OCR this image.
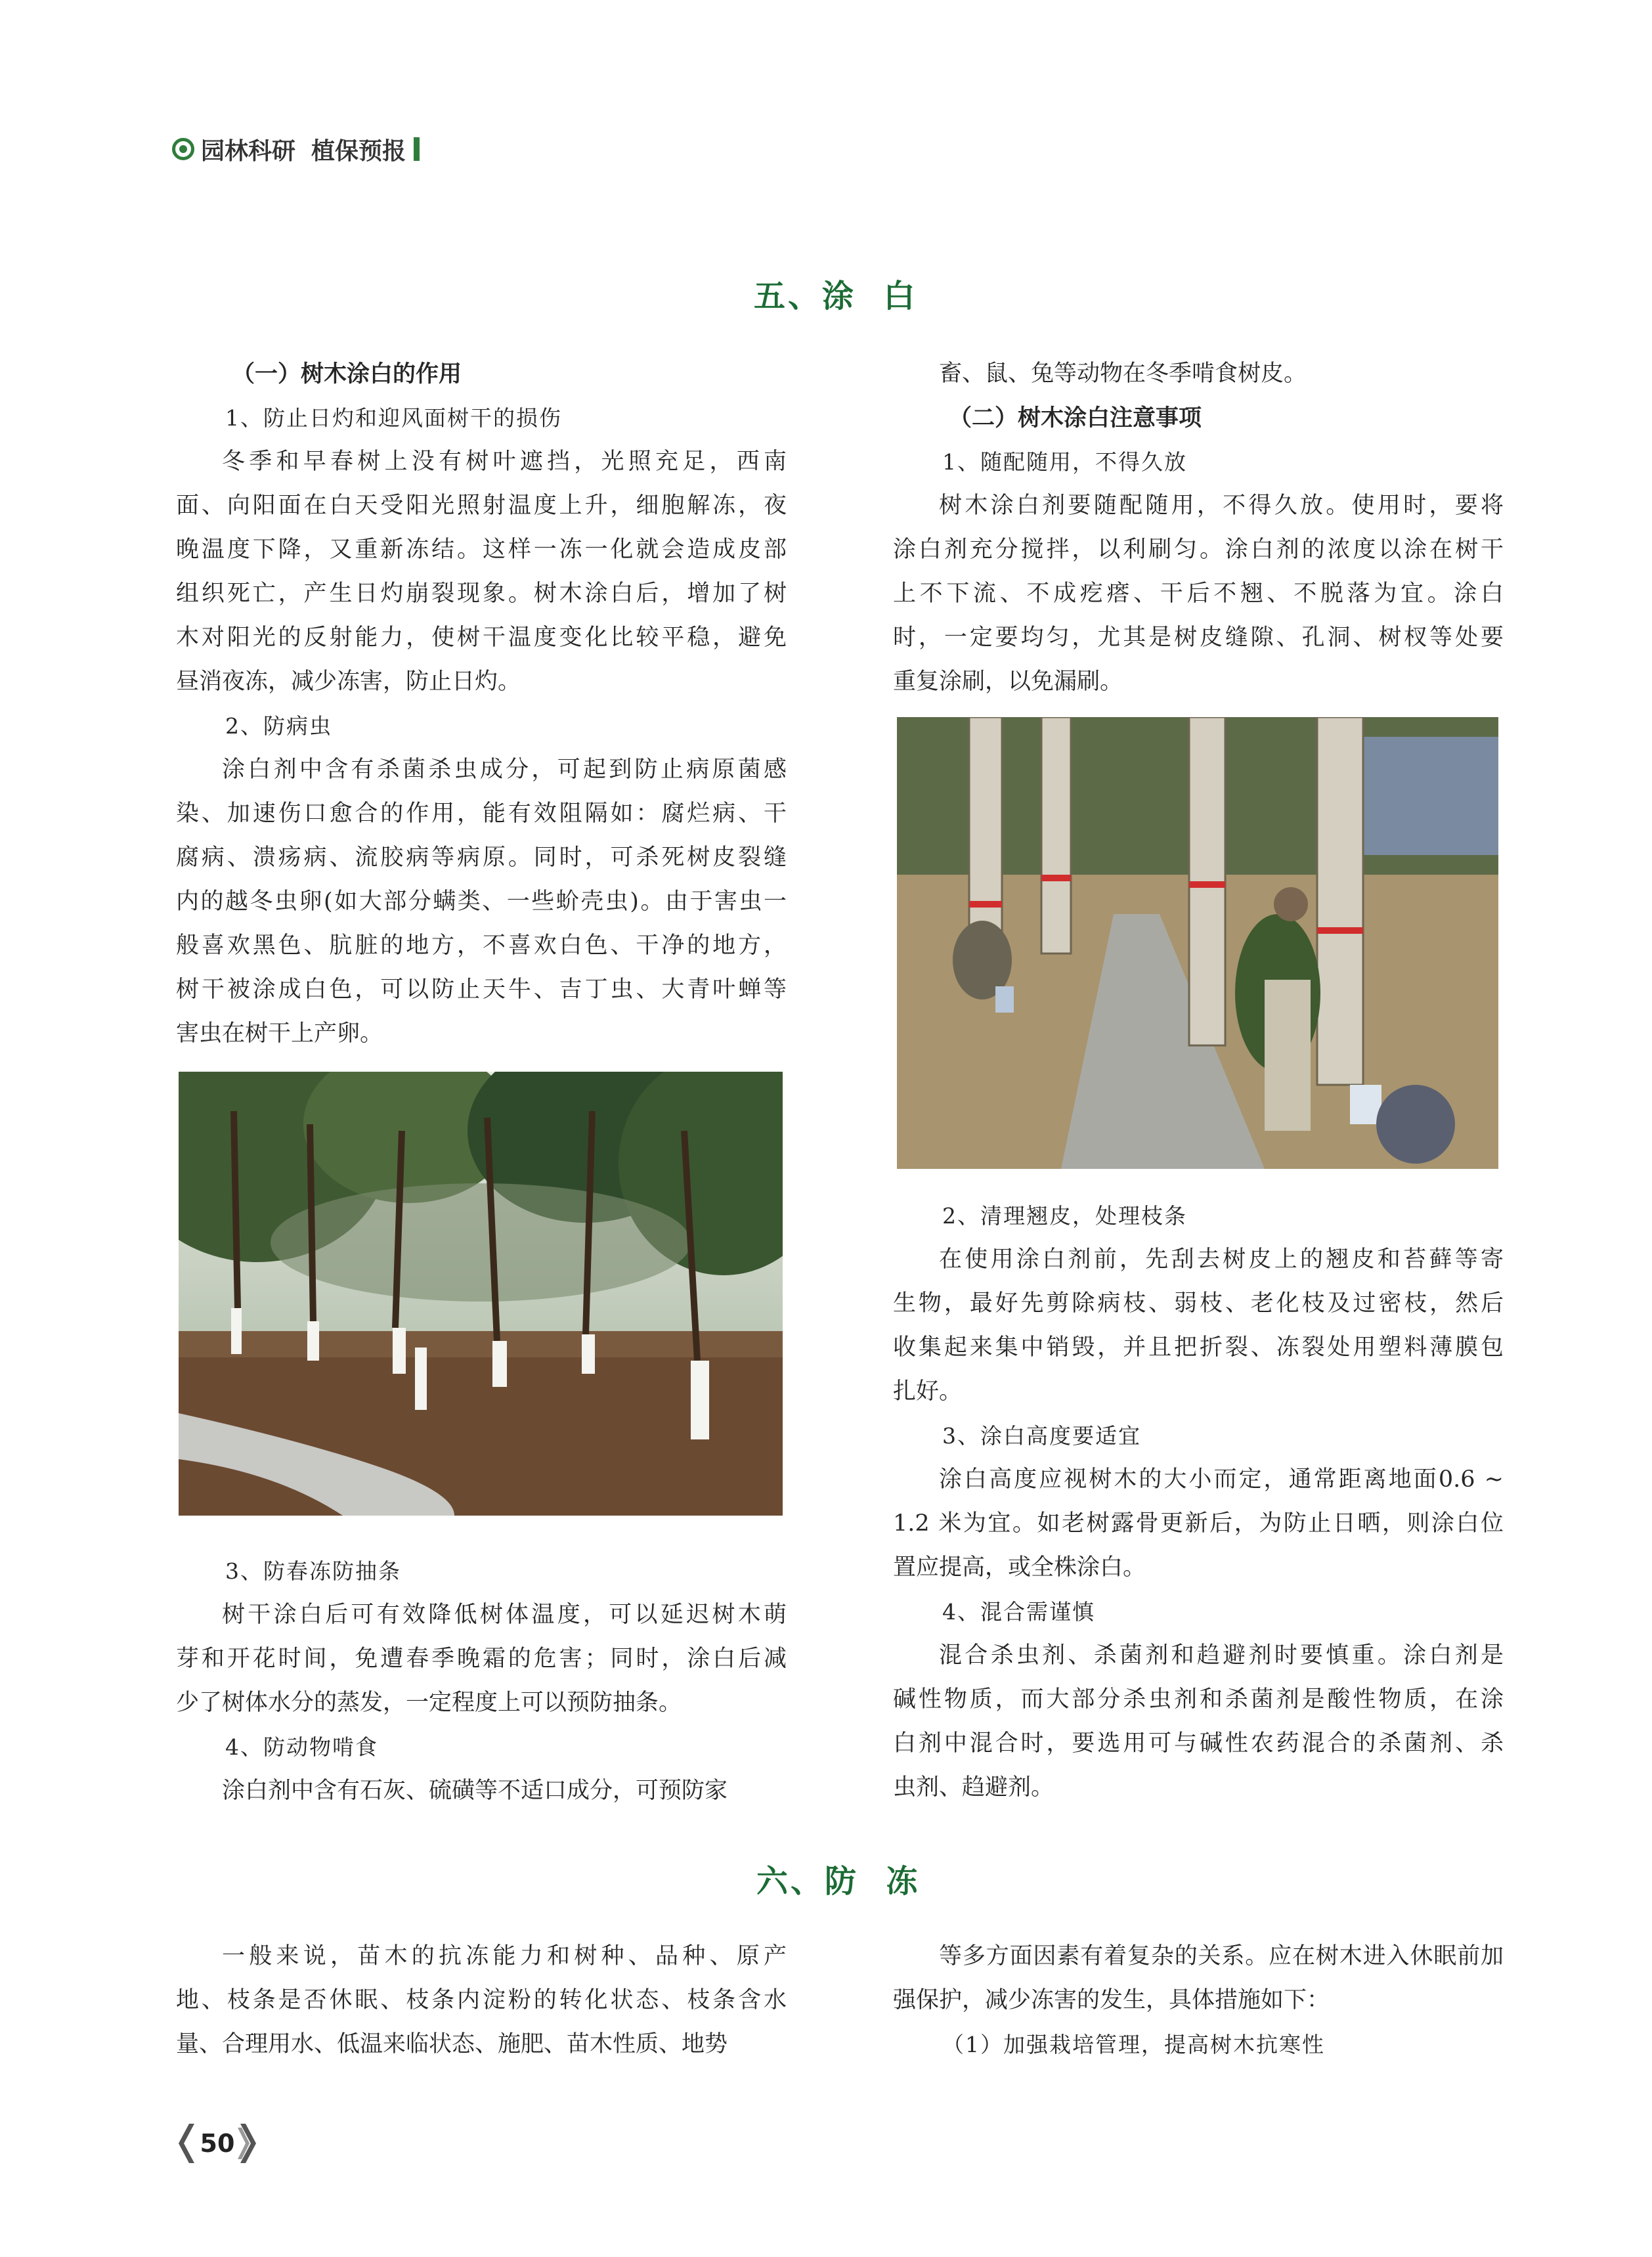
园林科研 植保预报
五、涂  白
（一）树木涂白的作用
1、防止日灼和迎风面树干的损伤
冬季和早春树上没有树叶遮挡，光照充足，西南
面、向阳面在白天受阳光照射温度上升，细胞解冻，夜
晚温度下降，又重新冻结。这样一冻一化就会造成皮部
组织死亡，产生日灼崩裂现象。树木涂白后，增加了树
木对阳光的反射能力，使树干温度变化比较平稳，避免
昼消夜冻，减少冻害，防止日灼。
2、防病虫
涂白剂中含有杀菌杀虫成分，可起到防止病原菌感
染、加速伤口愈合的作用，能有效阻隔如：腐烂病、干
腐病、溃疡病、流胶病等病原。同时，可杀死树皮裂缝
内的越冬虫卵(如大部分螨类、一些蚧壳虫)。由于害虫一
般喜欢黑色、肮脏的地方，不喜欢白色、干净的地方，
树干被涂成白色，可以防止天牛、吉丁虫、大青叶蝉等
害虫在树干上产卵。
3、防春冻防抽条
树干涂白后可有效降低树体温度，可以延迟树木萌
芽和开花时间，免遭春季晚霜的危害；同时，涂白后减
少了树体水分的蒸发，一定程度上可以预防抽条。
4、防动物啃食
涂白剂中含有石灰、硫磺等不适口成分，可预防家
畜、鼠、兔等动物在冬季啃食树皮。
（二）树木涂白注意事项
1、随配随用，不得久放
树木涂白剂要随配随用，不得久放。使用时，要将
涂白剂充分搅拌，以利刷匀。涂白剂的浓度以涂在树干
上不下流、不成疙瘩、干后不翘、不脱落为宜。涂白
时，一定要均匀，尤其是树皮缝隙、孔洞、树杈等处要
重复涂刷，以免漏刷。
2、清理翘皮，处理枝条
在使用涂白剂前，先刮去树皮上的翘皮和苔藓等寄
生物，最好先剪除病枝、弱枝、老化枝及过密枝，然后
收集起来集中销毁，并且把折裂、冻裂处用塑料薄膜包
扎好。
3、涂白高度要适宜
涂白高度应视树木的大小而定，通常距离地面0.6 ~
1.2 米为宜。如老树露骨更新后，为防止日晒，则涂白位
置应提高，或全株涂白。
4、混合需谨慎
混合杀虫剂、杀菌剂和趋避剂时要慎重。涂白剂是
碱性物质，而大部分杀虫剂和杀菌剂是酸性物质，在涂
白剂中混合时，要选用可与碱性农药混合的杀菌剂、杀
虫剂、趋避剂。
六、防  冻
一般来说，苗木的抗冻能力和树种、品种、原产
地、枝条是否休眠、枝条内淀粉的转化状态、枝条含水
量、合理用水、低温来临状态、施肥、苗木性质、地势
等多方面因素有着复杂的关系。应在树木进入休眠前加
强保护，减少冻害的发生，具体措施如下：
（1）加强栽培管理，提高树木抗寒性
50
